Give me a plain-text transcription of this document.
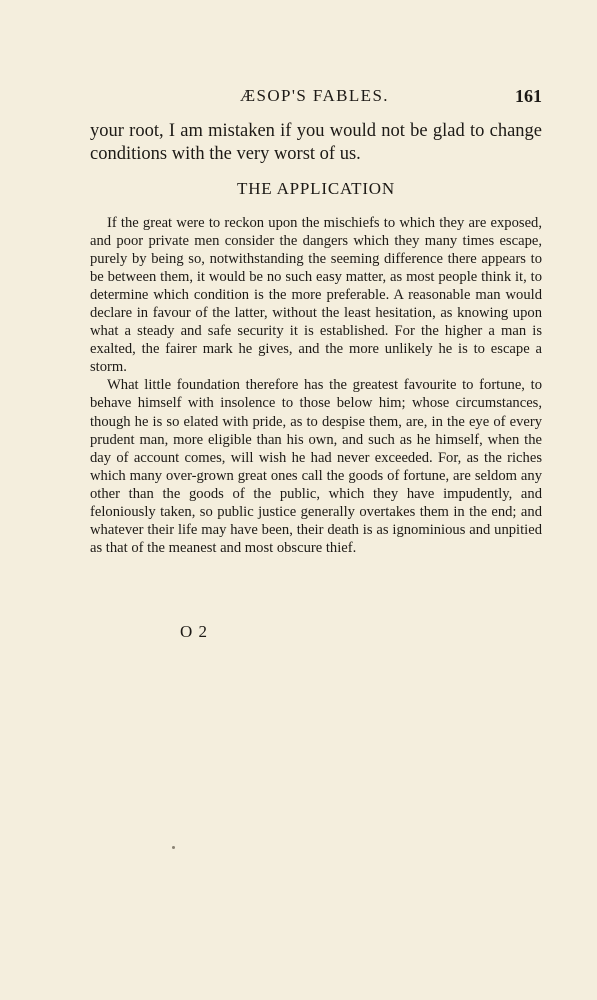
ÆSOP'S FABLES.	161

your root, I am mistaken if you would not be glad to change conditions with the very worst of us.

THE APPLICATION

If the great were to reckon upon the mischiefs to which they are exposed, and poor private men consider the dangers which they many times escape, purely by being so, notwithstanding the seeming difference there appears to be between them, it would be no such easy matter, as most people think it, to determine which condition is the more preferable. A reasonable man would declare in favour of the latter, without the least hesitation, as knowing upon what a steady and safe security it is established. For the higher a man is exalted, the fairer mark he gives, and the more unlikely he is to escape a storm.

What little foundation therefore has the greatest favourite to fortune, to behave himself with insolence to those below him; whose circumstances, though he is so elated with pride, as to despise them, are, in the eye of every prudent man, more eligible than his own, and such as he himself, when the day of account comes, will wish he had never exceeded. For, as the riches which many over-grown great ones call the goods of fortune, are seldom any other than the goods of the public, which they have impudently, and feloniously taken, so public justice generally overtakes them in the end; and whatever their life may have been, their death is as ignominious and unpitied as that of the meanest and most obscure thief.

O 2
